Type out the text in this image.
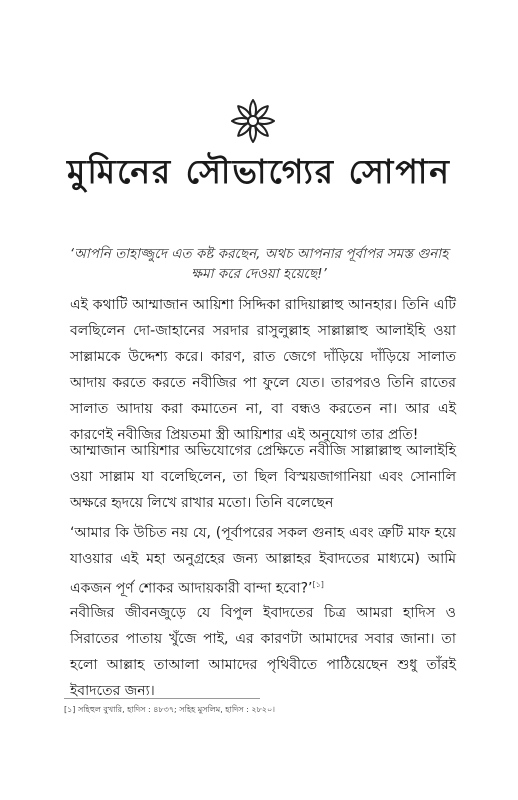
মুমিনের সৌভাগ্যের সোপান
‘আপনি তাহাজ্জুদে এত কষ্ট করছেন, অথচ আপনার পূর্বাপর সমস্ত গুনাহ ক্ষমা করে দেওয়া হয়েছে!’

এই কথাটি আম্মাজান আয়িশা সিদ্দিকা রাদিয়াল্লাহু আনহার। তিনি এটি বলছিলেন দো-জাহানের সরদার রাসুলুল্লাহ সাল্লাল্লাহু আলাইহি ওয়া সাল্লামকে উদ্দেশ্য করে। কারণ, রাত জেগে দাঁড়িয়ে দাঁড়িয়ে সালাত আদায় করতে করতে নবীজির পা ফুলে যেত। তারপরও তিনি রাতের সালাত আদায় করা কমাতেন না, বা বন্ধও করতেন না। আর এই কারণেই নবীজির প্রিয়তমা স্ত্রী আয়িশার এই অনুযোগ তার প্রতি!

আম্মাজান আয়িশার অভিযোগের প্রেক্ষিতে নবীজি সাল্লাল্লাহু আলাইহি ওয়া সাল্লাম যা বলেছিলেন, তা ছিল বিস্ময়জাগানিয়া এবং সোনালি অক্ষরে হৃদয়ে লিখে রাখার মতো। তিনি বলেছেন

‘আমার কি উচিত নয় যে, (পূর্বাপরের সকল গুনাহ এবং ত্রুটি মাফ হয়ে যাওয়ার এই মহা অনুগ্রহের জন্য আল্লাহর ইবাদতের মাধ্যমে) আমি একজন পূর্ণ শোকর আদায়কারী বান্দা হবো?’[১]

নবীজির জীবনজুড়ে যে বিপুল ইবাদতের চিত্র আমরা হাদিস ও সিরাতের পাতায় খুঁজে পাই, এর কারণটা আমাদের সবার জানা। তা হলো আল্লাহ তাআলা আমাদের পৃথিবীতে পাঠিয়েছেন শুধু তাঁরই ইবাদতের জন্য।

[১] সহিহুল বুখারি, হাদিস : ৪৮৩৭; সহিহ মুসলিম, হাদিস : ২৮২০।
